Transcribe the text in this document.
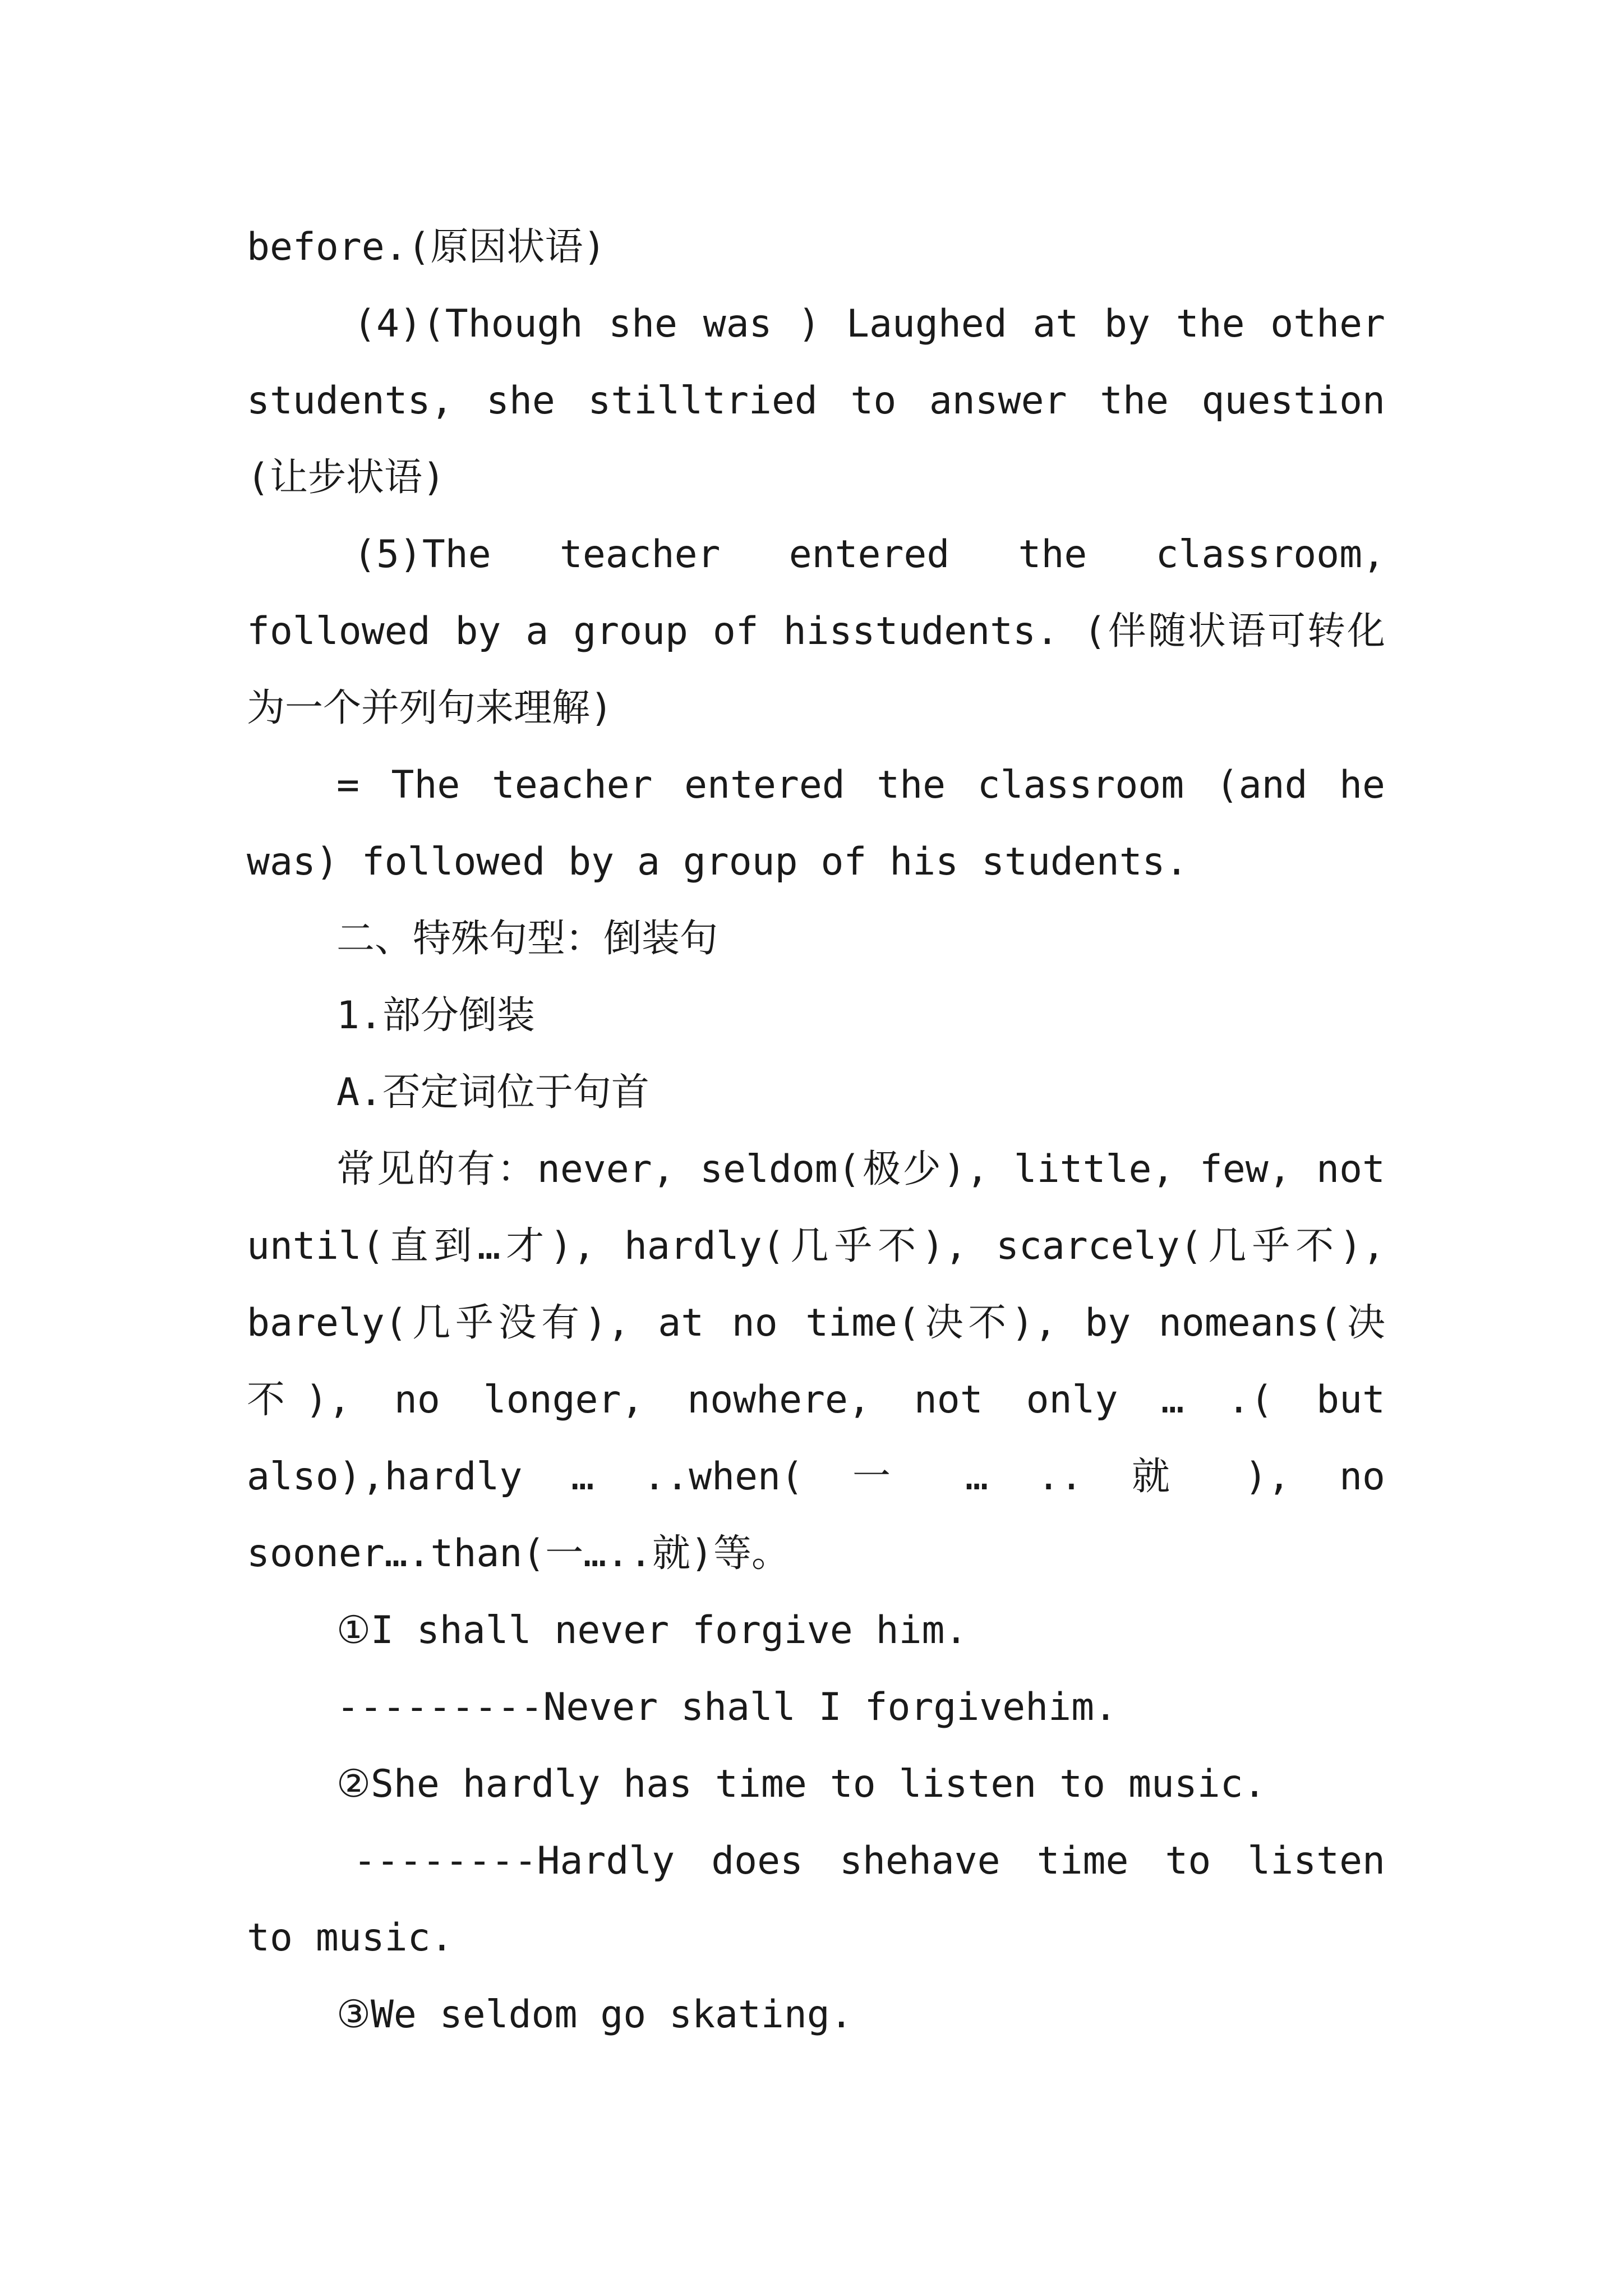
before.(原因状语)

(4)(Though she was ) Laughed at by the other students, she stilltried to answer the question (让步状语)

(5)The teacher entered the classroom, followed by a group of hisstudents. (伴随状语可转化为一个并列句来理解)

= The teacher entered the classroom (and he was) followed by a group of his students.

二、特殊句型：倒装句

1.部分倒装

A.否定词位于句首

常见的有：never, seldom(极少), little, few, not until(直到…才), hardly(几乎不), scarcely(几乎不), barely(几乎没有), at no time(决不), by nomeans(决不), no longer, nowhere, not only … .( but also),hardly … ..when( 一 … .. 就 ), no sooner….than(一…..就)等。

①I shall never forgive him.

---------Never shall I forgivehim.

②She hardly has time to listen to music.

--------Hardly does shehave time to listen to music.

③We seldom go skating.
